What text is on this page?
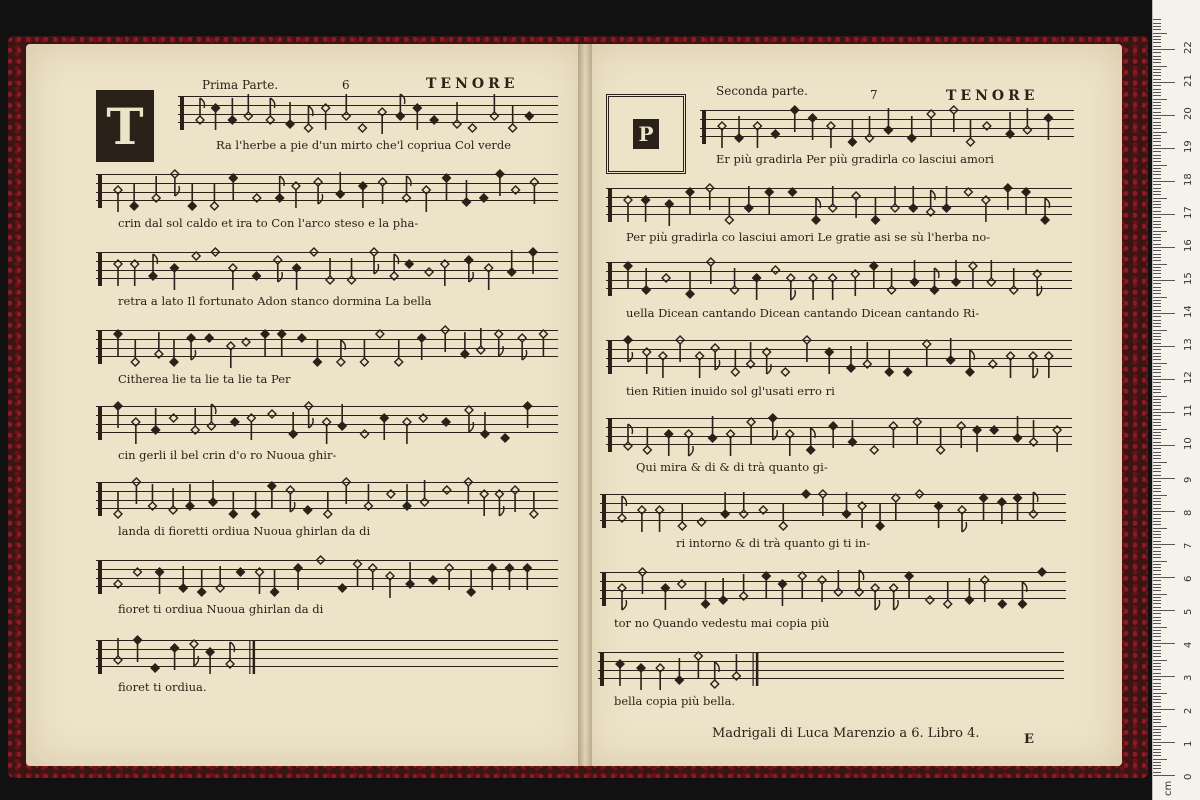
Prima Parte.	6	TENORE
T
Seconda parte.	7	TENORE
P
Madrigali di Luca Marenzio a 6. Libro 4.	E
Ra l'herbe a pie d'un mirto che'l copriua Col verde
crin dal sol caldo et ira to Con l'arco steso e la pha-
retra a lato Il fortunato Adon stanco dormina La bella
Citherea lie ta lie ta lie ta Per
cin gerli il bel crin d'o ro Nuoua ghir-
landa di fioretti ordiua Nuoua ghirlan da di
fioret ti ordiua Nuoua ghirlan da di
fioret ti ordiua.
Er più gradirla Per più gradirla co lasciui amori
Per più gradirla co lasciui amori Le gratie asi se sù l'herba no-
uella Dicean cantando Dicean cantando Dicean cantando Ri-
tien Ritien inuido sol gl'usati erro ri
Qui mira & di & di trà quanto gi-
ri intorno & di trà quanto gi ti in-
tor no Quando vedestu mai copia più
bella copia più bella.
0
1
2
3
4
5
6
7
8
9
10
11
12
13
14
15
16
17
18
19
20
21
22
cm
